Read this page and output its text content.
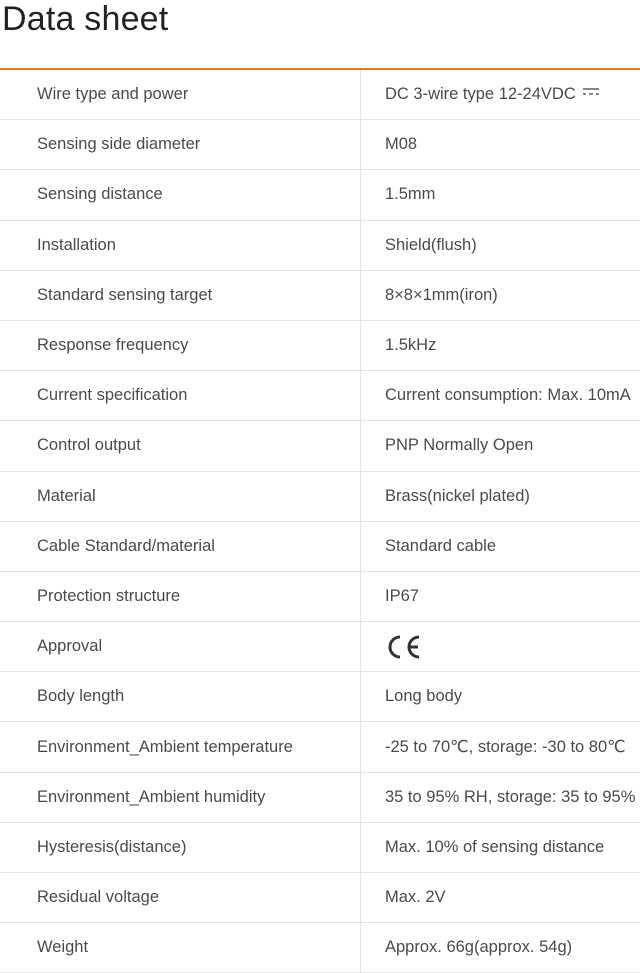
Data sheet
Wire type and power	DC 3-wire type 12-24VDC
Sensing side diameter	M08
Sensing distance	1.5mm
Installation	Shield(flush)
Standard sensing target	8×8×1mm(iron)
Response frequency	1.5kHz
Current specification	Current consumption: Max. 10mA
Control output	PNP Normally Open
Material	Brass(nickel plated)
Cable Standard/material	Standard cable
Protection structure	IP67
Approval
Body length	Long body
Environment_Ambient temperature	-25 to 70℃, storage: -30 to 80℃
Environment_Ambient humidity	35 to 95% RH, storage: 35 to 95%
Hysteresis(distance)	Max. 10% of sensing distance
Residual voltage	Max. 2V
Weight	Approx. 66g(approx. 54g)
